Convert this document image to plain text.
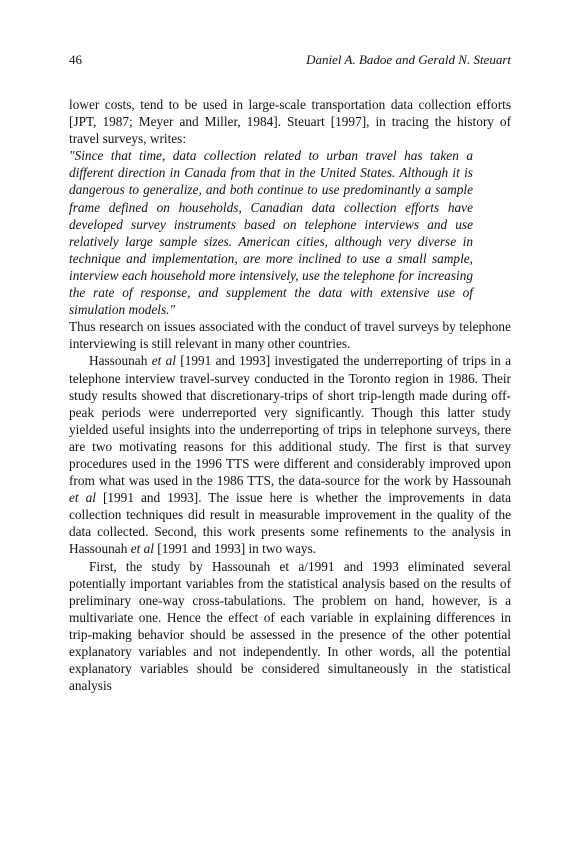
46	Daniel A. Badoe and Gerald N. Steuart

lower costs, tend to be used in large-scale transportation data collection efforts [JPT, 1987; Meyer and Miller, 1984]. Steuart [1997], in tracing the history of travel surveys, writes:

"Since that time, data collection related to urban travel has taken a different direction in Canada from that in the United States. Although it is dangerous to generalize, and both continue to use predominantly a sample frame defined on households, Canadian data collection efforts have developed survey instruments based on telephone interviews and use relatively large sample sizes. American cities, although very diverse in technique and implementation, are more inclined to use a small sample, interview each household more intensively, use the telephone for increasing the rate of response, and supplement the data with extensive use of simulation models."

Thus research on issues associated with the conduct of travel surveys by telephone interviewing is still relevant in many other countries.

Hassounah et al [1991 and 1993] investigated the underreporting of trips in a telephone interview travel-survey conducted in the Toronto region in 1986. Their study results showed that discretionary-trips of short trip-length made during off-peak periods were underreported very significantly. Though this latter study yielded useful insights into the underreporting of trips in telephone surveys, there are two motivating reasons for this additional study. The first is that survey procedures used in the 1996 TTS were different and considerably improved upon from what was used in the 1986 TTS, the data-source for the work by Hassounah et al [1991 and 1993]. The issue here is whether the improvements in data collection techniques did result in measurable improvement in the quality of the data collected. Second, this work presents some refinements to the analysis in Hassounah et al [1991 and 1993] in two ways.

First, the study by Hassounah et a/1991 and 1993 eliminated several potentially important variables from the statistical analysis based on the results of preliminary one-way cross-tabulations. The problem on hand, however, is a multivariate one. Hence the effect of each variable in explaining differences in trip-making behavior should be assessed in the presence of the other potential explanatory variables and not independently. In other words, all the potential explanatory variables should be considered simultaneously in the statistical analysis
